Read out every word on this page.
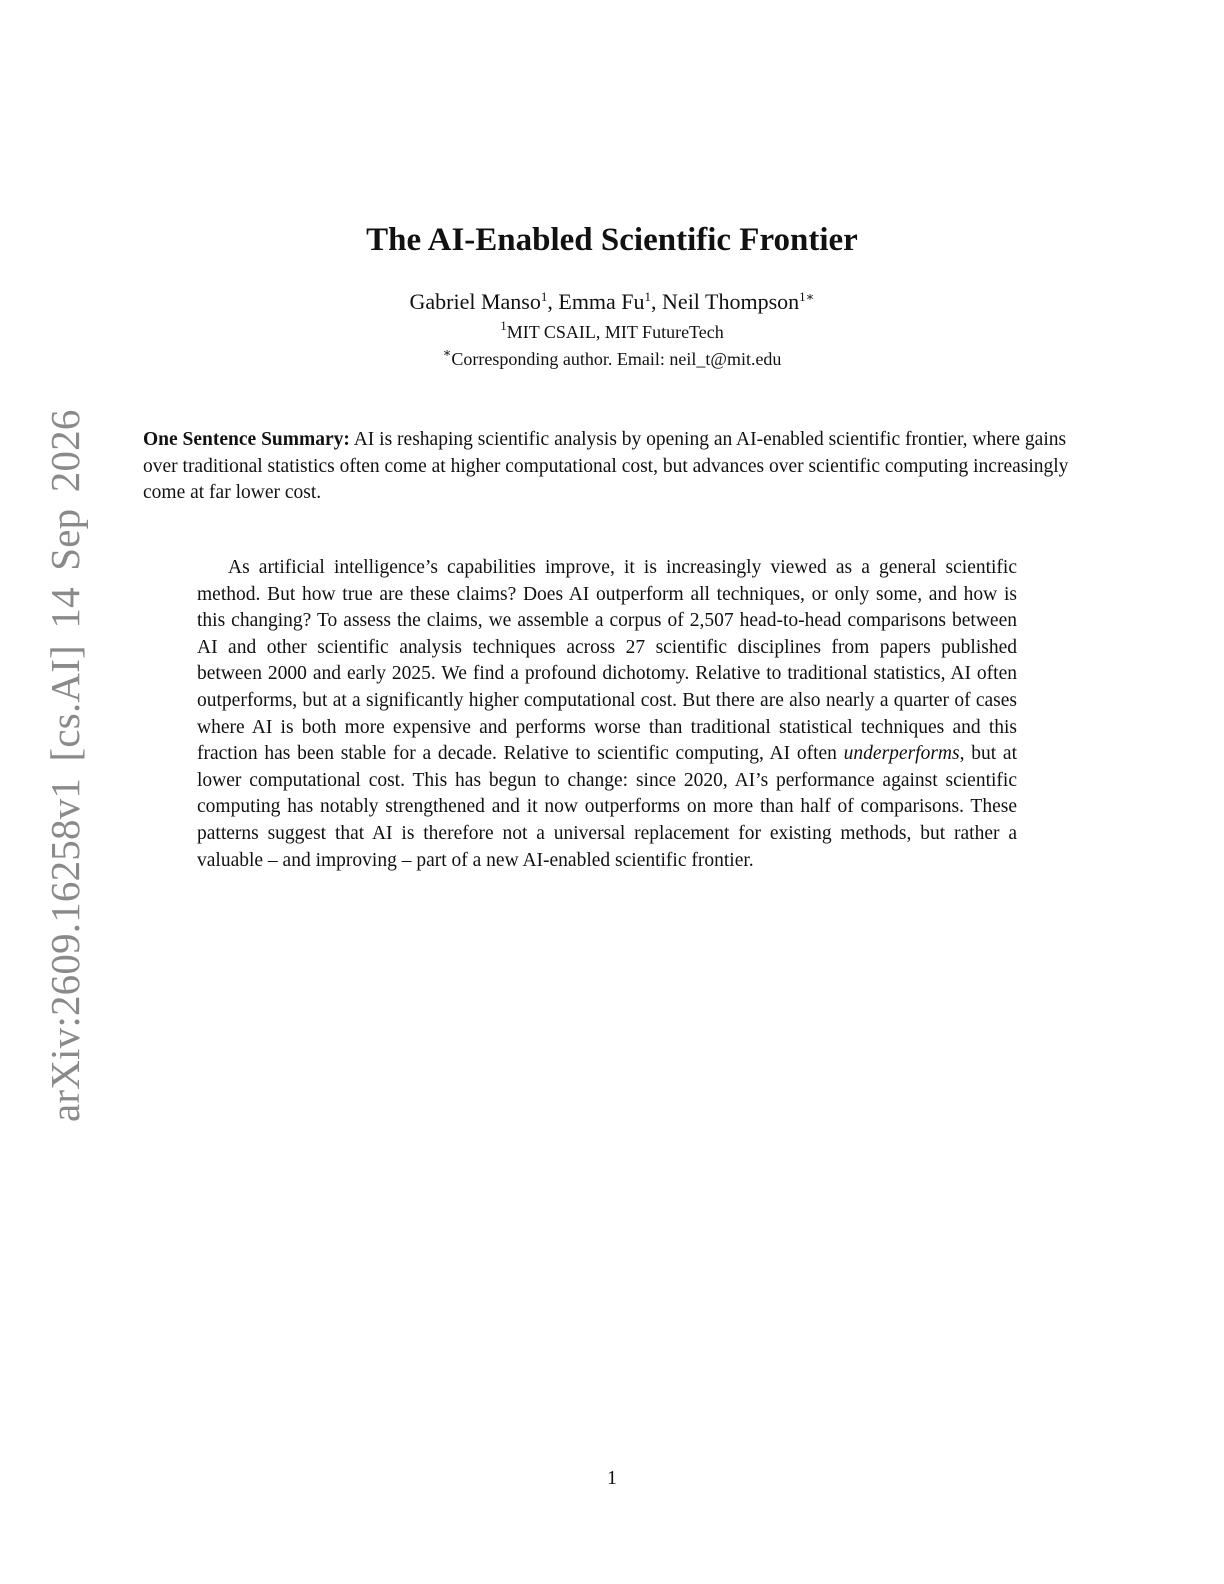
arXiv:2609.16258v1 [cs.AI] 14 Sep 2026
The AI-Enabled Scientific Frontier
Gabriel Manso$^1$, Emma Fu$^1$, Neil Thompson$^{1∗}$
$^1$MIT CSAIL, MIT FutureTech
∗Corresponding author. Email: neil_t@mit.edu

One Sentence Summary: AI is reshaping scientific analysis by opening an AI-enabled scientific frontier, where gains over traditional statistics often come at higher computational cost, but advances over scientific computing increasingly come at far lower cost.

As artificial intelligence’s capabilities improve, it is increasingly viewed as a general scientific method. But how true are these claims? Does AI outperform all techniques, or only some, and how is this changing? To assess the claims, we assemble a corpus of 2,507 head-to-head comparisons between AI and other scientific analysis techniques across 27 scientific disciplines from papers published between 2000 and early 2025. We find a profound dichotomy. Relative to traditional statistics, AI often outperforms, but at a significantly higher computational cost. But there are also nearly a quarter of cases where AI is both more expensive and performs worse than traditional statistical techniques and this fraction has been stable for a decade. Relative to scientific computing, AI often underperforms, but at lower computational cost. This has begun to change: since 2020, AI’s performance against scientific computing has notably strengthened and it now outperforms on more than half of comparisons. These patterns suggest that AI is therefore not a universal replacement for existing methods, but rather a valuable – and improving – part of a new AI-enabled scientific frontier.

1
